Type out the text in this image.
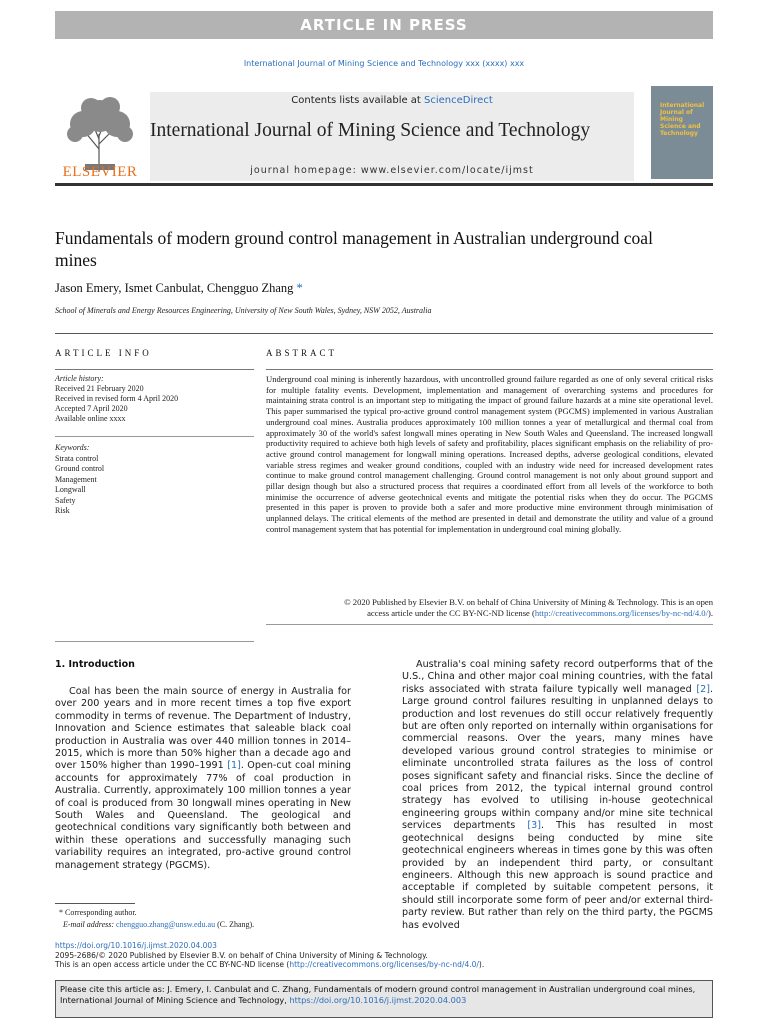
ARTICLE IN PRESS
International Journal of Mining Science and Technology xxx (xxxx) xxx
ELSEVIER
Contents lists available at ScienceDirect
International Journal of Mining Science and Technology
journal homepage: www.elsevier.com/locate/ijmst
International Journal of Mining Science and Technology
Fundamentals of modern ground control management in Australian underground coal mines
Jason Emery, Ismet Canbulat, Chengguo Zhang *
School of Minerals and Energy Resources Engineering, University of New South Wales, Sydney, NSW 2052, Australia
ARTICLE INFO	ABSTRACT
Article history:
Received 21 February 2020
Received in revised form 4 April 2020
Accepted 7 April 2020
Available online xxxx
Keywords:
Strata control
Ground control
Management
Longwall
Safety
Risk

Underground coal mining is inherently hazardous, with uncontrolled ground failure regarded as one of only several critical risks for multiple fatality events. Development, implementation and management of overarching systems and procedures for maintaining strata control is an important step to mitigating the impact of ground failure hazards at a mine site operational level. This paper summarised the typical pro-active ground control management system (PGCMS) implemented in various Australian underground coal mines. Australia produces approximately 100 million tonnes a year of metallurgical and thermal coal from approximately 30 of the world's safest longwall mines operating in New South Wales and Queensland. The increased longwall productivity required to achieve both high levels of safety and profitability, places significant emphasis on the reliability of pro-active ground control management for longwall mining operations. Increased depths, adverse geological conditions, elevated variable stress regimes and weaker ground conditions, coupled with an industry wide need for increased development rates continue to make ground control management challenging. Ground control management is not only about ground support and pillar design though but also a structured process that requires a coordinated effort from all levels of the workforce to both minimise the occurrence of adverse geotechnical events and mitigate the potential risks when they do occur. The PGCMS presented in this paper is proven to provide both a safer and more productive mine environment through minimisation of unplanned delays. The critical elements of the method are presented in detail and demonstrate the utility and value of a ground control management system that has potential for implementation in underground coal mining globally.

© 2020 Published by Elsevier B.V. on behalf of China University of Mining & Technology. This is an open
access article under the CC BY-NC-ND license (http://creativecommons.org/licenses/by-nc-nd/4.0/).
1. Introduction
Coal has been the main source of energy in Australia for over 200 years and in more recent times a top five export commodity in terms of revenue. The Department of Industry, Innovation and Science estimates that saleable black coal production in Australia was over 440 million tonnes in 2014–2015, which is more than 50% higher than a decade ago and over 150% higher than 1990–1991 [1]. Open-cut coal mining accounts for approximately 77% of coal production in Australia. Currently, approximately 100 million tonnes a year of coal is produced from 30 longwall mines operating in New South Wales and Queensland. The geological and geotechnical conditions vary significantly both between and within these operations and successfully managing such variability requires an integrated, pro-active ground control management strategy (PGCMS).
Australia's coal mining safety record outperforms that of the U.S., China and other major coal mining countries, with the fatal risks associated with strata failure typically well managed [2]. Large ground control failures resulting in unplanned delays to production and lost revenues do still occur relatively frequently but are often only reported on internally within organisations for commercial reasons. Over the years, many mines have developed various ground control strategies to minimise or eliminate uncontrolled strata failures as the loss of control poses significant safety and financial risks. Since the decline of coal prices from 2012, the typical internal ground control strategy has evolved to utilising in-house geotechnical engineering groups within company and/or mine site technical services departments [3]. This has resulted in most geotechnical designs being conducted by mine site geotechnical engineers whereas in times gone by this was often provided by an independent third party, or consultant engineers. Although this new approach is sound practice and acceptable if completed by suitable competent persons, it should still incorporate some form of peer and/or external third-party review. But rather than rely on the third party, the PGCMS has evolved
* Corresponding author.
E-mail address: chengguo.zhang@unsw.edu.au (C. Zhang).
https://doi.org/10.1016/j.ijmst.2020.04.003
2095-2686/© 2020 Published by Elsevier B.V. on behalf of China University of Mining & Technology.
This is an open access article under the CC BY-NC-ND license (http://creativecommons.org/licenses/by-nc-nd/4.0/).
Please cite this article as: J. Emery, I. Canbulat and C. Zhang, Fundamentals of modern ground control management in Australian underground coal mines, International Journal of Mining Science and Technology, https://doi.org/10.1016/j.ijmst.2020.04.003
